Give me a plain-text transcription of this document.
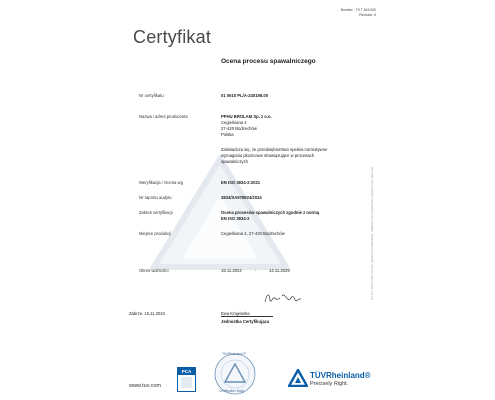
Number : TS T 543.000
Revision: 6
Certyfikat
Ocena procesu spawalniczego
Nr certyfikatu	01 0610 PL/A-240198.00
Nazwa i adres producenta	PPHU BROLAM Sp. z o.o.
Cegielniana 4
27-420 Bodzechów
Polska
Zaświadcza się, że przedsiębiorstwo spełnia normatywne
wymagania pkozicowe obowiązujące w procesach
spawalniczych
Weryfikacja / Ocena wg	EN ISO 3834-2:2021
Nr raportu audytu	3834/SA978924/2024
Zakres certyfikacji	Ocena procesów spawalniczych zgodnie z normą
EN ISO 3834-2
Miejsce produkcji	Cegielniana 4, 27-420 Bodzechów
Okres ważności	15.11.2024	-	14.11.2029
Zabrze, 15.11.2024	Ewa Krajewska
Jednostka Certyfikująca
® TÜV, TUEV and TUV are registered trademarks. Utilisation and application requires prior approval.
www.tuv.com
PCA
TÜVRheinland ®
Certification Body
TÜVRheinland®
Precisely Right.
